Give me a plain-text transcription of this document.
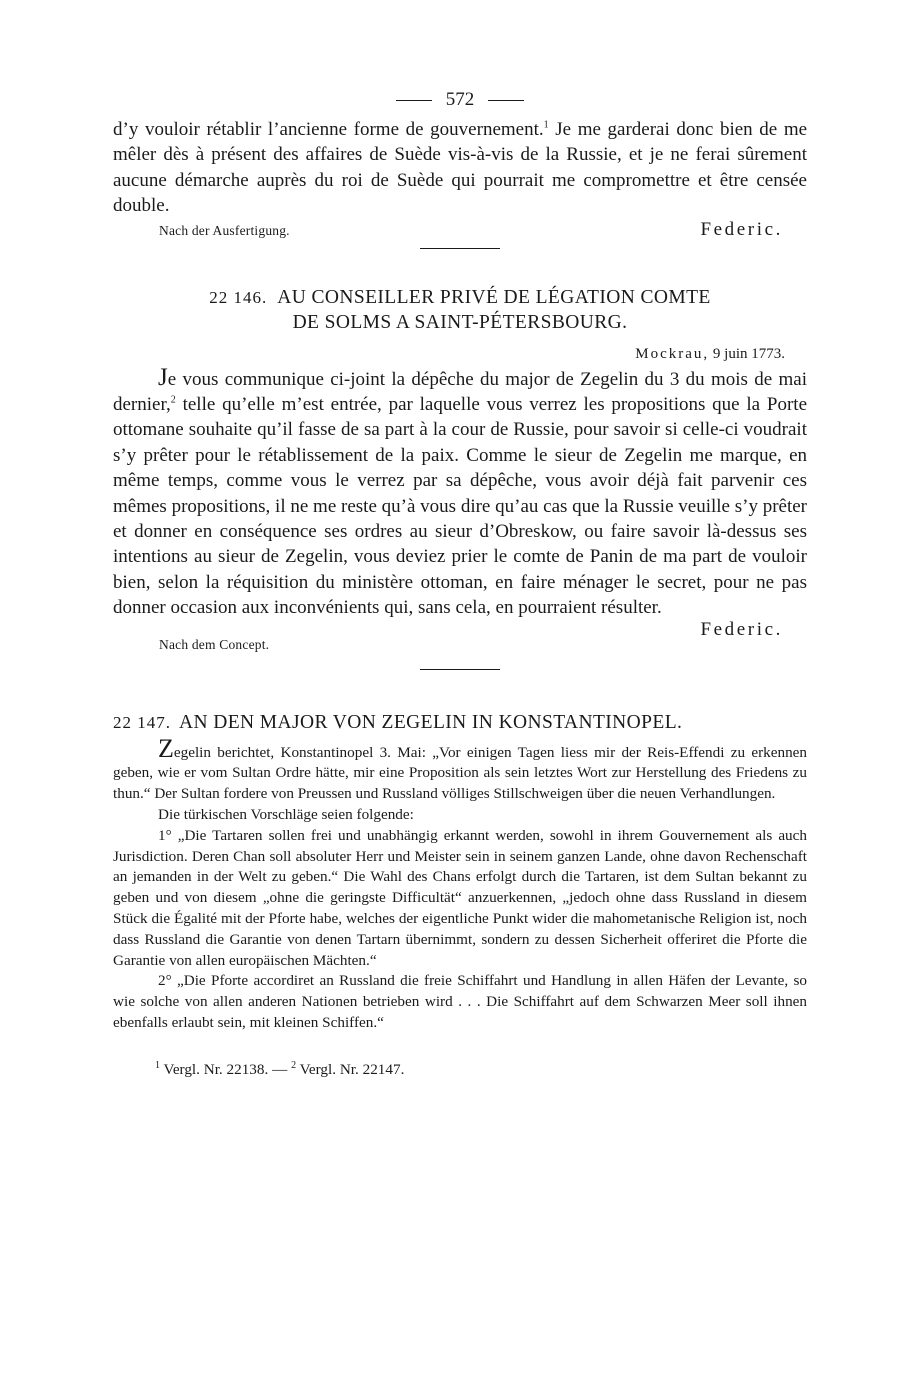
572

d’y vouloir rétablir l’ancienne forme de gouvernement.$^1$ Je me garderai donc bien de me mêler dès à présent des affaires de Suède vis-à-vis de la Russie, et je ne ferai sûrement aucune démarche auprès du roi de Suède qui pourrait me compromettre et être censée double.

Nach der Ausfertigung.	Federic.
22 146. AU CONSEILLER PRIVÉ DE LÉGATION COMTE
DE SOLMS A SAINT-PÉTERSBOURG.
Mockrau, 9 juin 1773.

Je vous communique ci-joint la dépêche du major de Zegelin du 3 du mois de mai dernier,$^2$ telle qu’elle m’est entrée, par laquelle vous verrez les propositions que la Porte ottomane souhaite qu’il fasse de sa part à la cour de Russie, pour savoir si celle-ci voudrait s’y prêter pour le rétablissement de la paix. Comme le sieur de Zegelin me marque, en même temps, comme vous le verrez par sa dépêche, vous avoir déjà fait parvenir ces mêmes propositions, il ne me reste qu’à vous dire qu’au cas que la Russie veuille s’y prêter et donner en conséquence ses ordres au sieur d’Obreskow, ou faire savoir là-dessus ses intentions au sieur de Zegelin, vous deviez prier le comte de Panin de ma part de vouloir bien, selon la réquisition du ministère ottoman, en faire ménager le secret, pour ne pas donner occasion aux inconvénients qui, sans cela, en pourraient résulter.

Nach dem Concept.
Federic.
22 147. AN DEN MAJOR VON ZEGELIN IN KONSTANTINOPEL.

Zegelin berichtet, Konstantinopel 3. Mai: „Vor einigen Tagen liess mir der Reis-Effendi zu erkennen geben, wie er vom Sultan Ordre hätte, mir eine Proposition als sein letztes Wort zur Herstellung des Friedens zu thun.“ Der Sultan fordere von Preussen und Russland völliges Stillschweigen über die neuen Verhandlungen.

Die türkischen Vorschläge seien folgende:

1° „Die Tartaren sollen frei und unabhängig erkannt werden, sowohl in ihrem Gouvernement als auch Jurisdiction. Deren Chan soll absoluter Herr und Meister sein in seinem ganzen Lande, ohne davon Rechenschaft an jemanden in der Welt zu geben.“ Die Wahl des Chans erfolgt durch die Tartaren, ist dem Sultan bekannt zu geben und von diesem „ohne die geringste Difficultät“ anzuerkennen, „jedoch ohne dass Russland in diesem Stück die Égalité mit der Pforte habe, welches der eigentliche Punkt wider die mahometanische Religion ist, noch dass Russland die Garantie von denen Tartarn übernimmt, sondern zu dessen Sicherheit offeriret die Pforte die Garantie von allen europäischen Mächten.“

2° „Die Pforte accordiret an Russland die freie Schiffahrt und Handlung in allen Häfen der Levante, so wie solche von allen anderen Nationen betrieben wird . . . Die Schiffahrt auf dem Schwarzen Meer soll ihnen ebenfalls erlaubt sein, mit kleinen Schiffen.“

$^1$ Vergl. Nr. 22138. — $^2$ Vergl. Nr. 22147.
